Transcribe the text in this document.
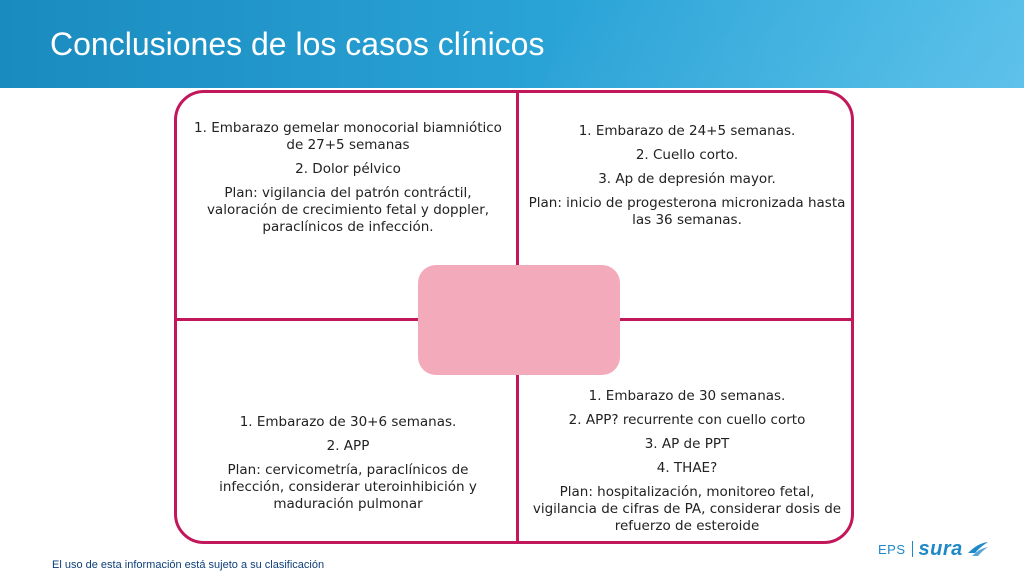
Conclusiones de los casos clínicos

1. Embarazo gemelar monocorial biamniótico de 27+5 semanas

2. Dolor pélvico

Plan: vigilancia del patrón contráctil, valoración de crecimiento fetal y doppler, paraclínicos de infección.

1. Embarazo de 24+5 semanas.

2. Cuello corto.

3. Ap de depresión mayor.

Plan: inicio de progesterona micronizada hasta las 36 semanas.

1. Embarazo de 30+6 semanas.

2. APP

Plan: cervicometría, paraclínicos de infección, considerar uteroinhibición y maduración pulmonar

1. Embarazo de 30 semanas.

2. APP? recurrente con cuello corto

3. AP de PPT

4. THAE?

Plan: hospitalización, monitoreo fetal, vigilancia de cifras de PA, considerar dosis de refuerzo de esteroide

El uso de esta información está sujeto a su clasificación
EPS sura
